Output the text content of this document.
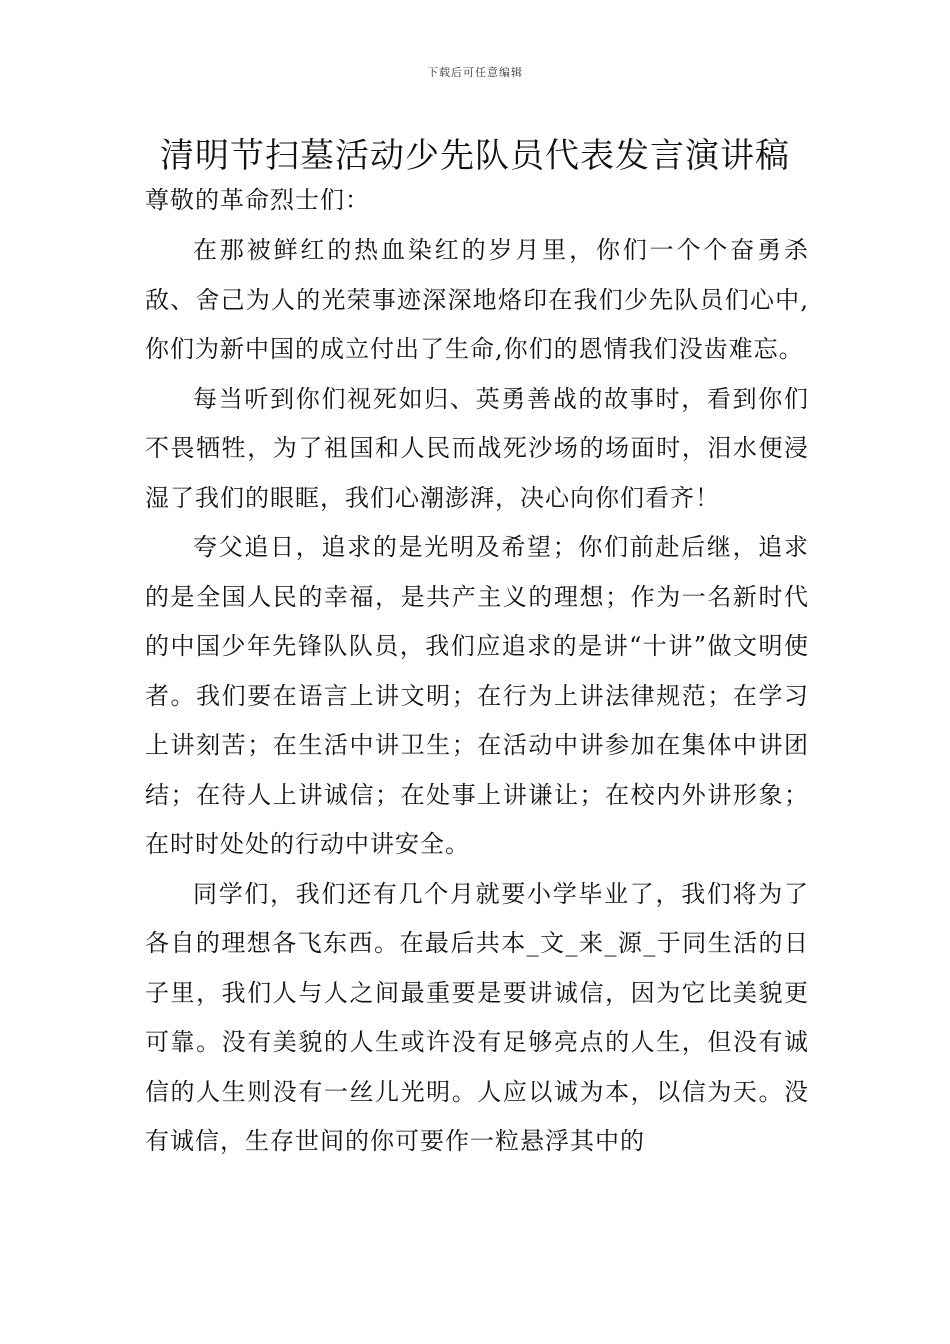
下载后可任意编辑
清明节扫墓活动少先队员代表发言演讲稿

尊敬的革命烈士们：

在那被鲜红的热血染红的岁月里，你们一个个奋勇杀敌、舍己为人的光荣事迹深深地烙印在我们少先队员们心中,你们为新中国的成立付出了生命,你们的恩情我们没齿难忘。

每当听到你们视死如归、英勇善战的故事时，看到你们不畏牺牲，为了祖国和人民而战死沙场的场面时，泪水便浸湿了我们的眼眶，我们心潮澎湃，决心向你们看齐！

夸父追日，追求的是光明及希望；你们前赴后继，追求的是全国人民的幸福，是共产主义的理想；作为一名新时代的中国少年先锋队队员，我们应追求的是讲“十讲”做文明使者。我们要在语言上讲文明；在行为上讲法律规范；在学习上讲刻苦；在生活中讲卫生；在活动中讲参加在集体中讲团结；在待人上讲诚信；在处事上讲谦让；在校内外讲形象；在时时处处的行动中讲安全。

同学们，我们还有几个月就要小学毕业了，我们将为了各自的理想各飞东西。在最后共本_文_来_源_于同生活的日子里，我们人与人之间最重要是要讲诚信，因为它比美貌更可靠。没有美貌的人生或许没有足够亮点的人生，但没有诚信的人生则没有一丝儿光明。人应以诚为本，以信为天。没有诚信，生存世间的你可要作一粒悬浮其中的
